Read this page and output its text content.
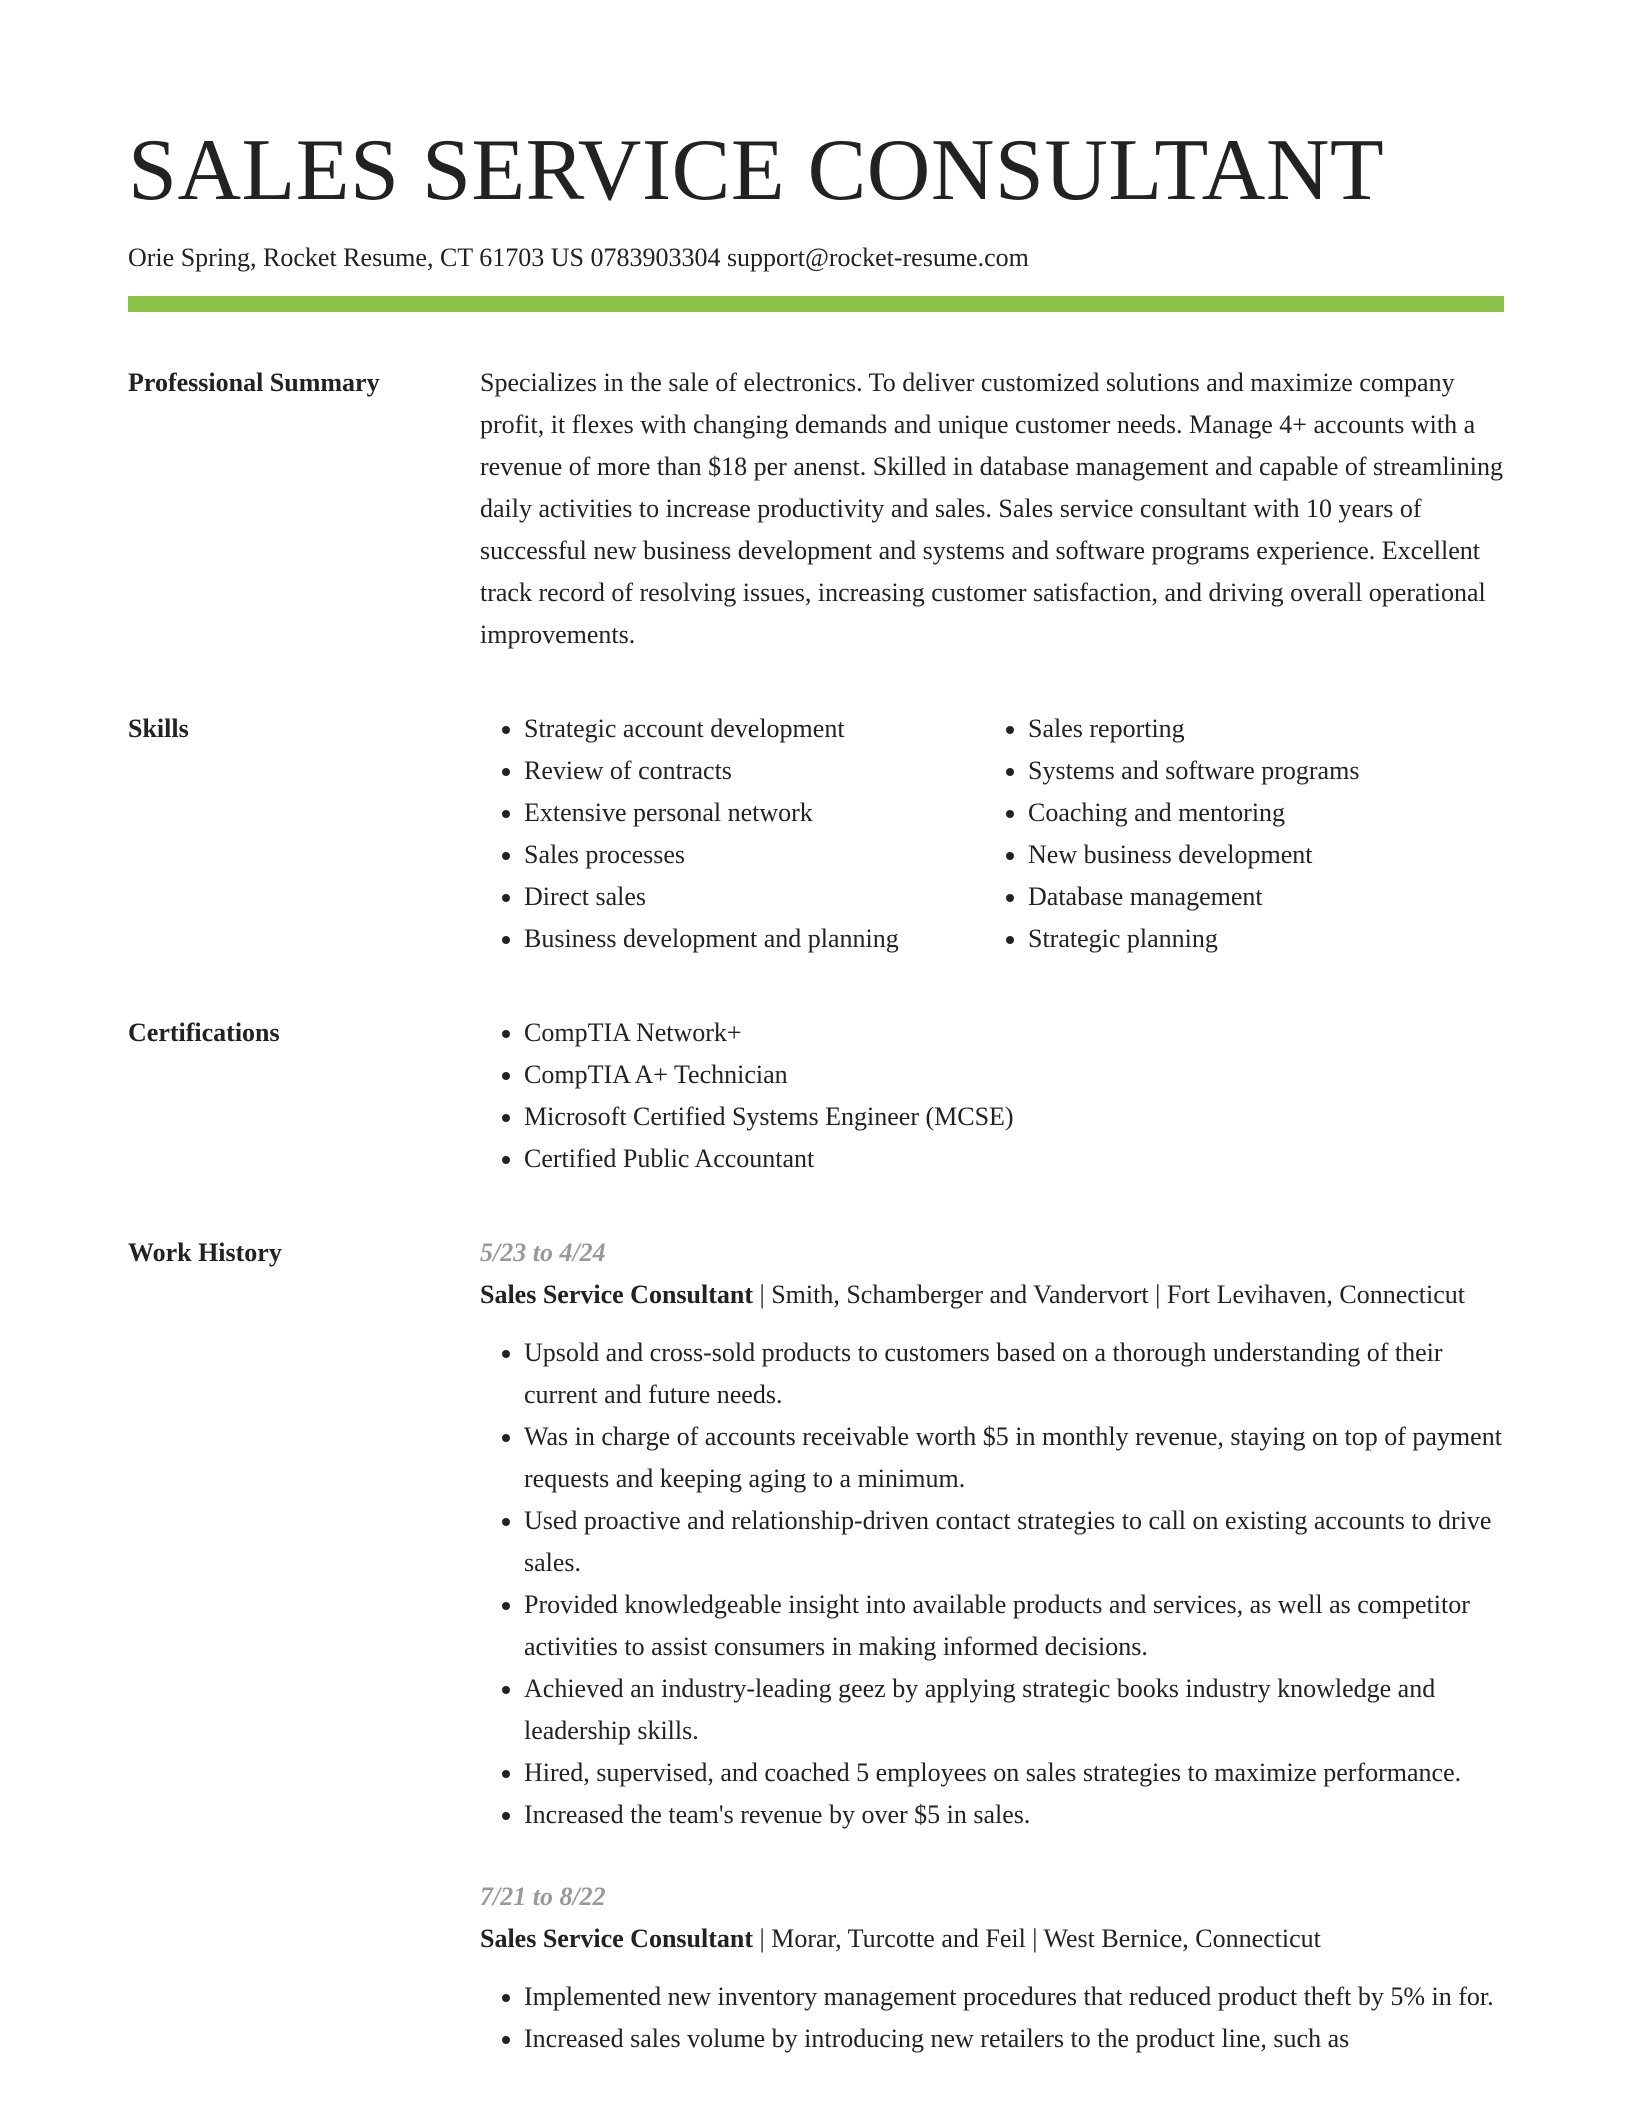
SALES SERVICE CONSULTANT
Orie Spring, Rocket Resume, CT 61703 US 0783903304 support@rocket-resume.com
Professional Summary	Specializes in the sale of electronics. To deliver customized solutions and maximize company profit, it flexes with changing demands and unique customer needs. Manage 4+ accounts with a revenue of more than $18 per anenst. Skilled in database management and capable of streamlining daily activities to increase productivity and sales. Sales service consultant with 10 years of successful new business development and systems and software programs experience. Excellent track record of resolving issues, increasing customer satisfaction, and driving overall operational improvements.

Skills	• Strategic account development
• Review of contracts
• Extensive personal network
• Sales processes
• Direct sales
• Business development and planning
• Sales reporting
• Systems and software programs
• Coaching and mentoring
• New business development
• Database management
• Strategic planning
Certifications	• CompTIA Network+
• CompTIA A+ Technician
• Microsoft Certified Systems Engineer (MCSE)
• Certified Public Accountant
Work History	5/23 to 4/24
Sales Service Consultant | Smith, Schamberger and Vandervort | Fort Levihaven, Connecticut
• Upsold and cross-sold products to customers based on a thorough understanding of their current and future needs.
• Was in charge of accounts receivable worth $5 in monthly revenue, staying on top of payment requests and keeping aging to a minimum.
• Used proactive and relationship-driven contact strategies to call on existing accounts to drive sales.
• Provided knowledgeable insight into available products and services, as well as competitor activities to assist consumers in making informed decisions.
• Achieved an industry-leading geez by applying strategic books industry knowledge and leadership skills.
• Hired, supervised, and coached 5 employees on sales strategies to maximize performance.
• Increased the team's revenue by over $5 in sales.
7/21 to 8/22
Sales Service Consultant | Morar, Turcotte and Feil | West Bernice, Connecticut
• Implemented new inventory management procedures that reduced product theft by 5% in for.
• Increased sales volume by introducing new retailers to the product line, such as
